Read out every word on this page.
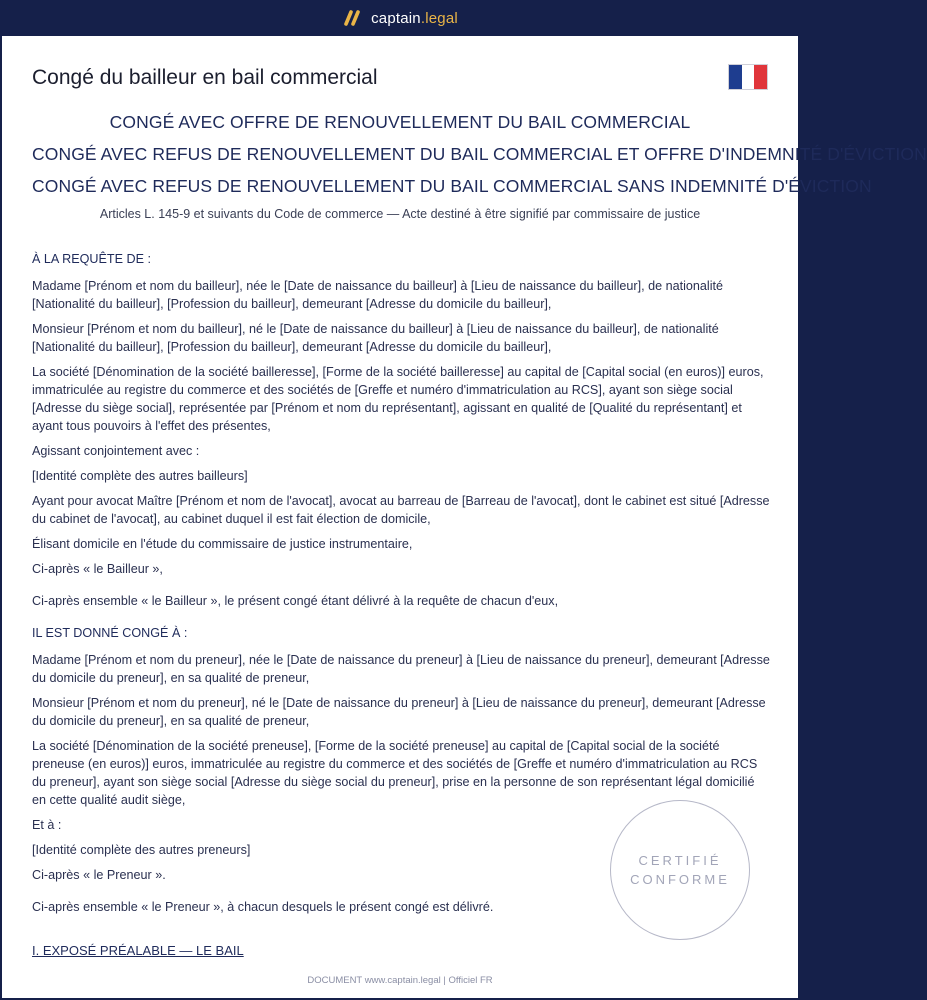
captain.legal
Congé du bailleur en bail commercial
CONGÉ AVEC OFFRE DE RENOUVELLEMENT DU BAIL COMMERCIAL
CONGÉ AVEC REFUS DE RENOUVELLEMENT DU BAIL COMMERCIAL ET OFFRE D'INDEMNITÉ D'ÉVICTION
CONGÉ AVEC REFUS DE RENOUVELLEMENT DU BAIL COMMERCIAL SANS INDEMNITÉ D'ÉVICTION
Articles L. 145-9 et suivants du Code de commerce — Acte destiné à être signifié par commissaire de justice

À LA REQUÊTE DE :

Madame [Prénom et nom du bailleur], née le [Date de naissance du bailleur] à [Lieu de naissance du bailleur], de nationalité [Nationalité du bailleur], [Profession du bailleur], demeurant [Adresse du domicile du bailleur],

Monsieur [Prénom et nom du bailleur], né le [Date de naissance du bailleur] à [Lieu de naissance du bailleur], de nationalité [Nationalité du bailleur], [Profession du bailleur], demeurant [Adresse du domicile du bailleur],

La société [Dénomination de la société bailleresse], [Forme de la société bailleresse] au capital de [Capital social (en euros)] euros, immatriculée au registre du commerce et des sociétés de [Greffe et numéro d'immatriculation au RCS], ayant son siège social [Adresse du siège social], représentée par [Prénom et nom du représentant], agissant en qualité de [Qualité du représentant] et ayant tous pouvoirs à l'effet des présentes,

Agissant conjointement avec :

[Identité complète des autres bailleurs]

Ayant pour avocat Maître [Prénom et nom de l'avocat], avocat au barreau de [Barreau de l'avocat], dont le cabinet est situé [Adresse du cabinet de l'avocat], au cabinet duquel il est fait élection de domicile,

Élisant domicile en l'étude du commissaire de justice instrumentaire,

Ci-après « le Bailleur »,

Ci-après ensemble « le Bailleur », le présent congé étant délivré à la requête de chacun d'eux,

IL EST DONNÉ CONGÉ À :

Madame [Prénom et nom du preneur], née le [Date de naissance du preneur] à [Lieu de naissance du preneur], demeurant [Adresse du domicile du preneur], en sa qualité de preneur,

Monsieur [Prénom et nom du preneur], né le [Date de naissance du preneur] à [Lieu de naissance du preneur], demeurant [Adresse du domicile du preneur], en sa qualité de preneur,

La société [Dénomination de la société preneuse], [Forme de la société preneuse] au capital de [Capital social de la société preneuse (en euros)] euros, immatriculée au registre du commerce et des sociétés de [Greffe et numéro d'immatriculation au RCS du preneur], ayant son siège social [Adresse du siège social du preneur], prise en la personne de son représentant légal domicilié en cette qualité audit siège,

Et à :

[Identité complète des autres preneurs]

Ci-après « le Preneur ».

Ci-après ensemble « le Preneur », à chacun desquels le présent congé est délivré.

I. EXPOSÉ PRÉALABLE — LE BAIL

CERTIFIÉ
CONFORME
DOCUMENT www.captain.legal | Officiel FR
